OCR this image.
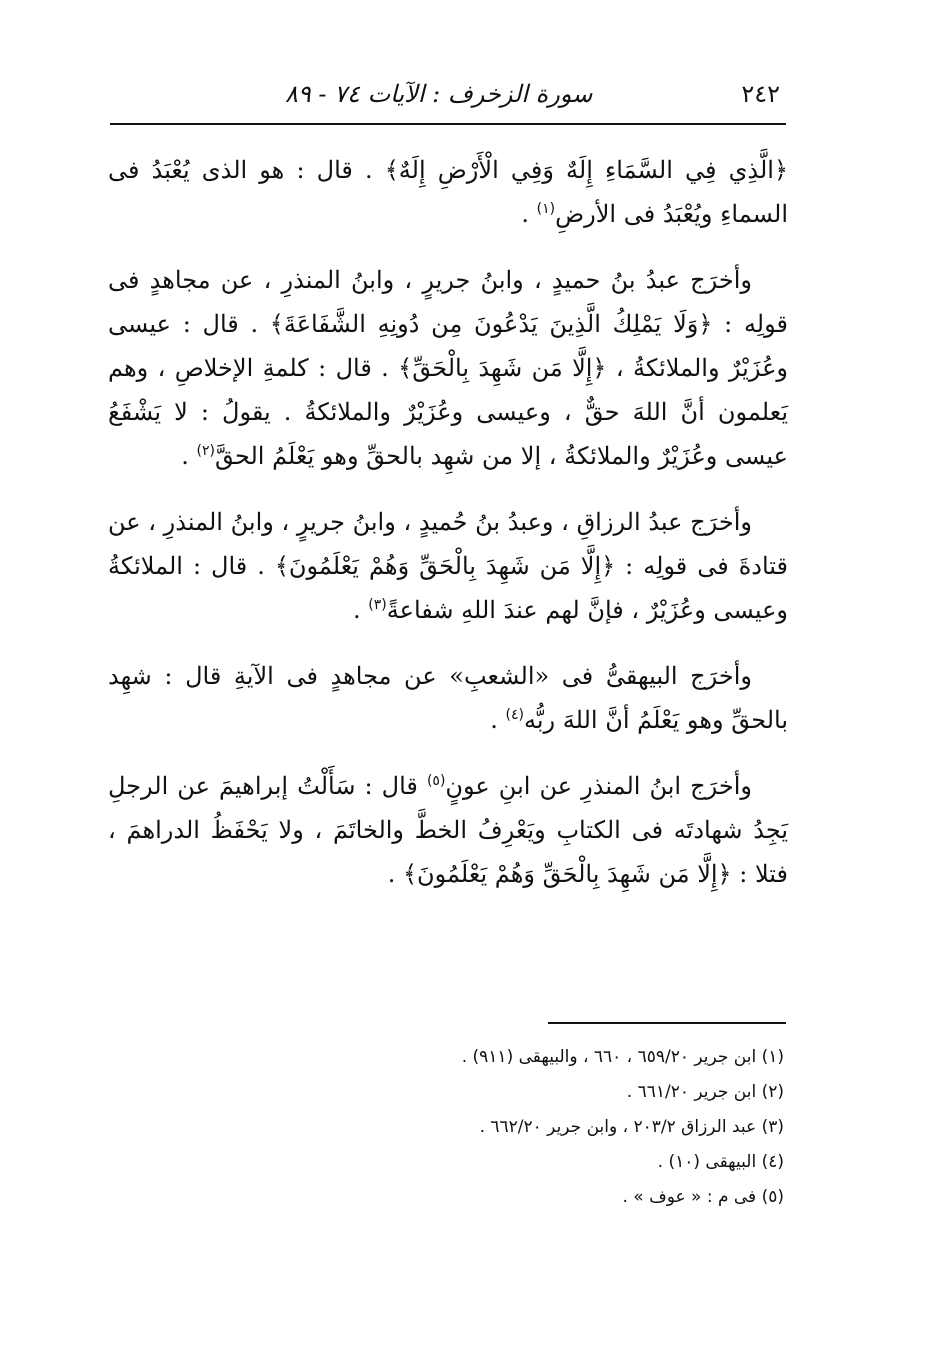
٢٤٢
سورة الزخرف : الآيات ٧٤ - ٨٩

﴿الَّذِي فِي السَّمَاءِ إِلَهٌ وَفِي الْأَرْضِ إِلَهٌ﴾ . قال : هو الذى يُعْبَدُ فى السماءِ ويُعْبَدُ فى الأرضِ$^{(١)}$ .

وأخرَج عبدُ بنُ حميدٍ ، وابنُ جريرٍ ، وابنُ المنذرِ ، عن مجاهدٍ فى قولِه : ﴿وَلَا يَمْلِكُ الَّذِينَ يَدْعُونَ مِن دُونِهِ الشَّفَاعَةَ﴾ . قال : عيسى وعُزَيْرٌ والملائكةُ ، ﴿إِلَّا مَن شَهِدَ بِالْحَقِّ﴾ . قال : كلمةِ الإخلاصِ ، وهم يَعلمون أنَّ اللهَ حقٌّ ، وعيسى وعُزَيْرٌ والملائكةُ . يقولُ : لا يَشْفَعُ عيسى وعُزَيْرٌ والملائكةُ ، إلا من شهِد بالحقِّ وهو يَعْلَمُ الحقَّ$^{(٢)}$ .

وأخرَج عبدُ الرزاقِ ، وعبدُ بنُ حُميدٍ ، وابنُ جريرٍ ، وابنُ المنذرِ ، عن قتادةَ فى قولِه : ﴿إِلَّا مَن شَهِدَ بِالْحَقِّ وَهُمْ يَعْلَمُونَ﴾ . قال : الملائكةُ وعيسى وعُزَيْرٌ ، فإنَّ لهم عندَ اللهِ شفاعةً$^{(٣)}$ .

وأخرَج البيهقىُّ فى «الشعبِ» عن مجاهدٍ فى الآيةِ قال : شهِد بالحقِّ وهو يَعْلَمُ أنَّ اللهَ ربُّه$^{(٤)}$ .

وأخرَج ابنُ المنذرِ عن ابنِ عونٍ$^{(٥)}$ قال : سَأَلْتُ إبراهيمَ عن الرجلِ يَجِدُ شهادتَه فى الكتابِ ويَعْرِفُ الخطَّ والخاتَمَ ، ولا يَحْفَظُ الدراهمَ ، فتلا : ﴿إِلَّا مَن شَهِدَ بِالْحَقِّ وَهُمْ يَعْلَمُونَ﴾ .

(١) ابن جرير ٦٥٩/٢٠ ، ٦٦٠ ، والبيهقى (٩١١) .
(٢) ابن جرير ٦٦١/٢٠ .
(٣) عبد الرزاق ٢٠٣/٢ ، وابن جرير ٦٦٢/٢٠ .
(٤) البيهقى (١٠) .
(٥) فى م : « عوف » .
